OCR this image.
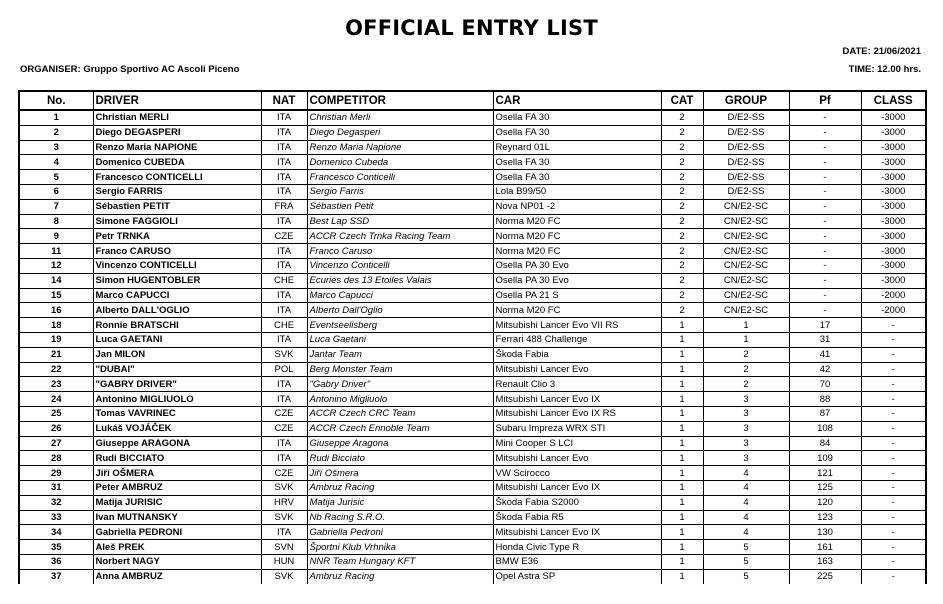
OFFICIAL ENTRY LIST
ORGANISER: Gruppo Sportivo AC Ascoli Piceno
DATE: 21/06/2021
TIME: 12.00 hrs.
No.	DRIVER	NAT	COMPETITOR	CAR	CAT	GROUP	Pf	CLASS
1	Christian MERLI	ITA	Christian Merli	Osella FA 30	2	D/E2-SS	-	-3000
2	Diego DEGASPERI	ITA	Diego Degasperi	Osella FA 30	2	D/E2-SS	-	-3000
3	Renzo Maria NAPIONE	ITA	Renzo Maria Napione	Reynard 01L	2	D/E2-SS	-	-3000
4	Domenico CUBEDA	ITA	Domenico Cubeda	Osella FA 30	2	D/E2-SS	-	-3000
5	Francesco CONTICELLI	ITA	Francesco Conticelli	Osella FA 30	2	D/E2-SS	-	-3000
6	Sergio FARRIS	ITA	Sergio Farris	Lola B99/50	2	D/E2-SS	-	-3000
7	Sébastien PETIT	FRA	Sébastien Petit	Nova NP01 -2	2	CN/E2-SC	-	-3000
8	Simone FAGGIOLI	ITA	Best Lap SSD	Norma M20 FC	2	CN/E2-SC	-	-3000
9	Petr TRNKA	CZE	ACCR Czech Trnka Racing Team	Norma M20 FC	2	CN/E2-SC	-	-3000
11	Franco CARUSO	ITA	Franco Caruso	Norma M20 FC	2	CN/E2-SC	-	-3000
12	Vincenzo CONTICELLI	ITA	Vincenzo Conticelli	Osella PA 30 Evo	2	CN/E2-SC	-	-3000
14	Simon HUGENTOBLER	CHE	Ecuries des 13 Etoiles Valais	Osella PA 30 Evo	2	CN/E2-SC	-	-3000
15	Marco CAPUCCI	ITA	Marco Capucci	Osella PA 21 S	2	CN/E2-SC	-	-2000
16	Alberto DALL'OGLIO	ITA	Alberto Dall'Oglio	Norma M20 FC	2	CN/E2-SC	-	-2000
18	Ronnie BRATSCHI	CHE	Eventseelisberg	Mitsubishi Lancer Evo VII RS	1	1	17	-
19	Luca GAETANI	ITA	Luca Gaetani	Ferrari 488 Challenge	1	1	31	-
21	Jan MILON	SVK	Jantar Team	Škoda Fabia	1	2	41	-
22	"DUBAI"	POL	Berg Monster Team	Mitsubishi Lancer Evo	1	2	42	-
23	"GABRY DRIVER"	ITA	"Gabry Driver"	Renault Clio 3	1	2	70	-
24	Antonino MIGLIUOLO	ITA	Antonino Migliuolo	Mitsubishi Lancer Evo IX	1	3	88	-
25	Tomas VAVRINEC	CZE	ACCR Czech CRC Team	Mitsubishi Lancer Evo IX RS	1	3	87	-
26	Lukáš VOJÁČEK	CZE	ACCR Czech Ennoble Team	Subaru Impreza WRX STI	1	3	108	-
27	Giuseppe ARAGONA	ITA	Giuseppe Aragona	Mini Cooper S LCI	1	3	84	-
28	Rudi BICCIATO	ITA	Rudi Bicciato	Mitsubishi Lancer Evo	1	3	109	-
29	Jiří OŠMERA	CZE	Jiří Ošmera	VW Scirocco	1	4	121	-
31	Peter AMBRUZ	SVK	Ambruz Racing	Mitsubishi Lancer Evo IX	1	4	125	-
32	Matija JURISIC	HRV	Matija Jurisic	Škoda Fabia S2000	1	4	120	-
33	Ivan MUTNANSKY	SVK	Nb Racing S.R.O.	Škoda Fabia R5	1	4	123	-
34	Gabriella PEDRONI	ITA	Gabriella Pedroni	Mitsubishi Lancer Evo IX	1	4	130	-
35	Aleš PREK	SVN	Športni Klub Vrhnika	Honda Civic Type R	1	5	161	-
36	Norbert NAGY	HUN	NNR Team Hungary KFT	BMW E36	1	5	163	-
37	Anna AMBRUZ	SVK	Ambruz Racing	Opel Astra SP	1	5	225	-
